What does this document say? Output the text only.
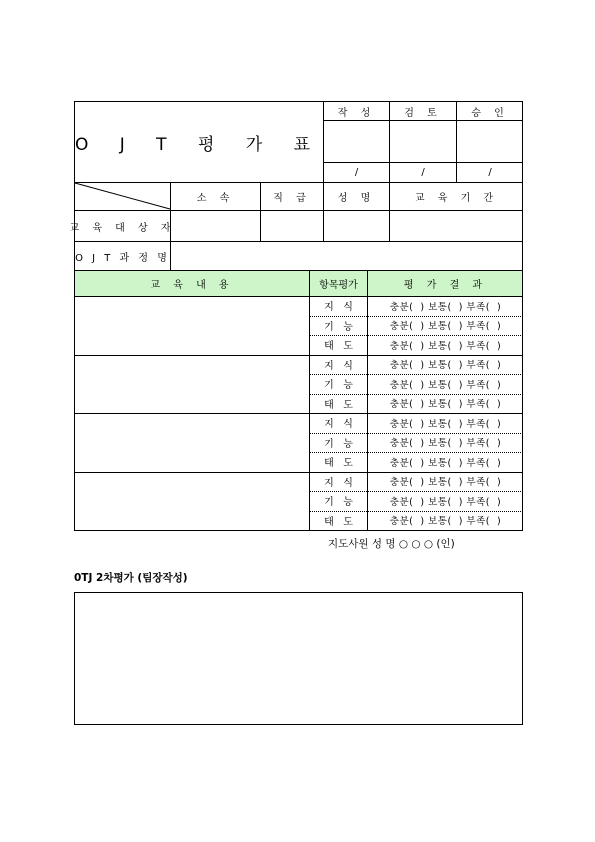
O J T 평 가 표
작 성	검 토	승 인
/	/	/
소 속	직 급	성 명	교 육 기 간
교 육 대 상 자
O J T 과 정 명
교 육 내 용	항목평가	평 가 결 과
지   식	충분(  ) 보통(  ) 부족(  )
기   능	충분(  ) 보통(  ) 부족(  )
태   도	충분(  ) 보통(  ) 부족(  )
지   식	충분(  ) 보통(  ) 부족(  )
기   능	충분(  ) 보통(  ) 부족(  )
태   도	충분(  ) 보통(  ) 부족(  )
지   식	충분(  ) 보통(  ) 부족(  )
기   능	충분(  ) 보통(  ) 부족(  )
태   도	충분(  ) 보통(  ) 부족(  )
지   식	충분(  ) 보통(  ) 부족(  )
기   능	충분(  ) 보통(  ) 부족(  )
태   도	충분(  ) 보통(  ) 부족(  )
지도사원 성 명 ○ ○ ○ (인)
0TJ 2차평가 (팀장작성)
